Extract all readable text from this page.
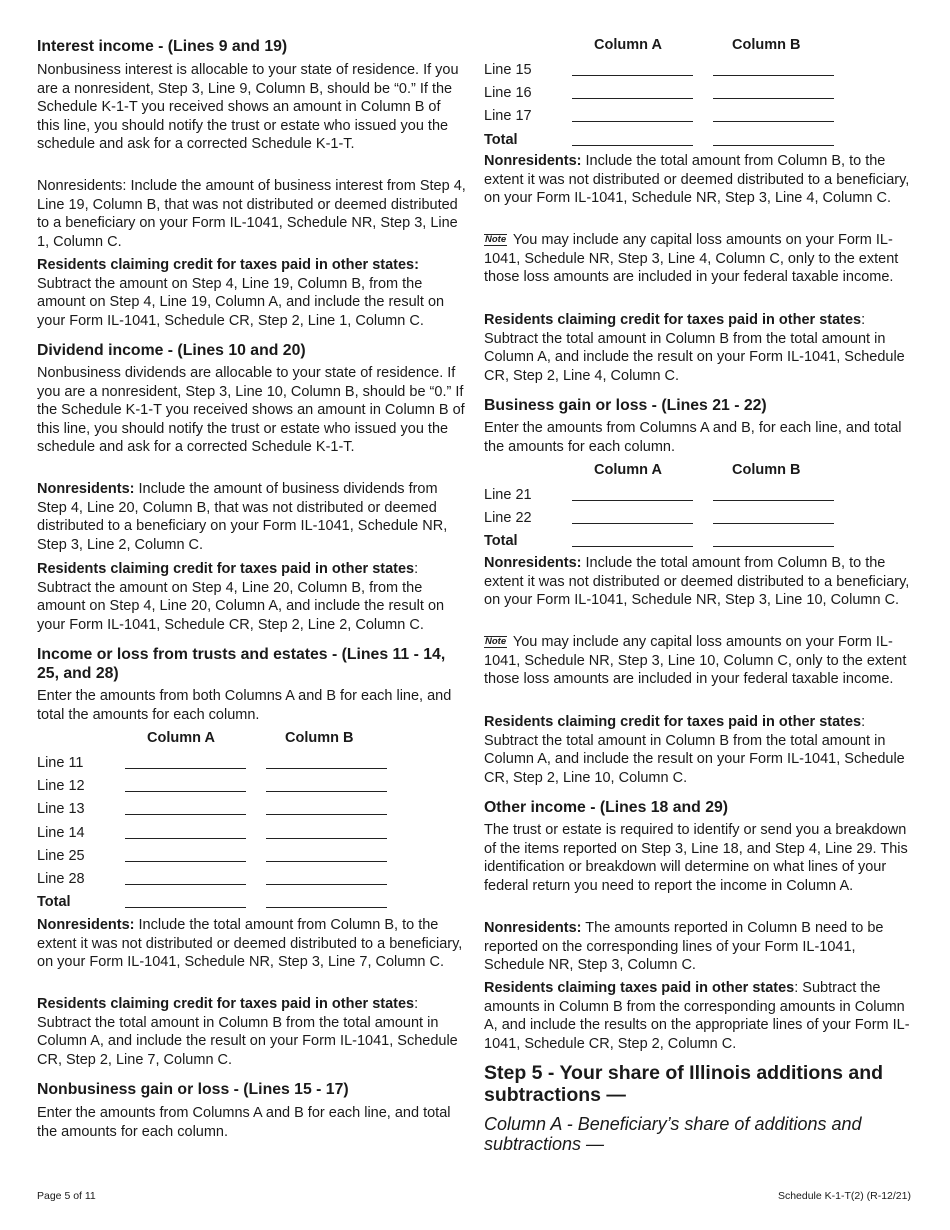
Interest income - (Lines 9 and 19)
Nonbusiness interest is allocable to your state of residence. If you are a nonresident, Step 3, Line 9, Column B, should be “0.” If the Schedule K-1-T you received shows an amount in Column B of this line, you should notify the trust or estate who issued you the schedule and ask for a corrected Schedule K-1-T.
Nonresidents: Include the amount of business interest from Step 4, Line 19, Column B, that was not distributed or deemed distributed to a beneficiary on your Form IL-1041, Schedule NR, Step 3, Line 1, Column C.
Residents claiming credit for taxes paid in other states: Subtract the amount on Step 4, Line 19, Column B, from the amount on Step 4, Line 19, Column A, and include the result on your Form IL-1041, Schedule CR, Step 2, Line 1, Column C.
Dividend income - (Lines 10 and 20)
Nonbusiness dividends are allocable to your state of residence. If you are a nonresident, Step 3, Line 10, Column B, should be “0.” If the Schedule K-1-T you received shows an amount in Column B of this line, you should notify the trust or estate who issued you the schedule and ask for a corrected Schedule K-1-T.
Nonresidents: Include the amount of business dividends from Step 4, Line 20, Column B, that was not distributed or deemed distributed to a beneficiary on your Form IL-1041, Schedule NR, Step 3, Line 2, Column C.
Residents claiming credit for taxes paid in other states: Subtract the amount on Step 4, Line 20, Column B, from the amount on Step 4, Line 20, Column A, and include the result on your Form IL-1041, Schedule CR, Step 2, Line 2, Column C.
Income or loss from trusts and estates - (Lines 11 - 14, 25, and 28)
Enter the amounts from both Columns A and B for each line, and total the amounts for each column.
Column A	Column B
Line 11
Line 12
Line 13
Line 14
Line 25
Line 28
Total
Nonresidents: Include the total amount from Column B, to the extent it was not distributed or deemed distributed to a beneficiary, on your Form IL-1041, Schedule NR, Step 3, Line 7, Column C.
Residents claiming credit for taxes paid in other states: Subtract the total amount in Column B from the total amount in Column A, and include the result on your Form IL-1041, Schedule CR, Step 2, Line 7, Column C.
Nonbusiness gain or loss - (Lines 15 - 17)
Enter the amounts from Columns A and B for each line, and total the amounts for each column.
Column A	Column B
Line 15
Line 16
Line 17
Total
Nonresidents: Include the total amount from Column B, to the extent it was not distributed or deemed distributed to a beneficiary, on your Form IL-1041, Schedule NR, Step 3, Line 4, Column C.
Note You may include any capital loss amounts on your Form IL-1041, Schedule NR, Step 3, Line 4, Column C, only to the extent those loss amounts are included in your federal taxable income.
Residents claiming credit for taxes paid in other states: Subtract the total amount in Column B from the total amount in Column A, and include the result on your Form IL-1041, Schedule CR, Step 2, Line 4, Column C.
Business gain or loss - (Lines 21 - 22)
Enter the amounts from Columns A and B, for each line, and total the amounts for each column.
Column A	Column B
Line 21
Line 22
Total
Nonresidents: Include the total amount from Column B, to the extent it was not distributed or deemed distributed to a beneficiary, on your Form IL-1041, Schedule NR, Step 3, Line 10, Column C.
Note You may include any capital loss amounts on your Form IL-1041, Schedule NR, Step 3, Line 10, Column C, only to the extent those loss amounts are included in your federal taxable income.
Residents claiming credit for taxes paid in other states: Subtract the total amount in Column B from the total amount in Column A, and include the result on your Form IL-1041, Schedule CR, Step 2, Line 10, Column C.
Other income - (Lines 18 and 29)
The trust or estate is required to identify or send you a breakdown of the items reported on Step 3, Line 18, and Step 4, Line 29. This identification or breakdown will determine on what lines of your federal return you need to report the income in Column A.
Nonresidents: The amounts reported in Column B need to be reported on the corresponding lines of your Form IL-1041, Schedule NR, Step 3, Column C.
Residents claiming taxes paid in other states: Subtract the amounts in Column B from the corresponding amounts in Column A, and include the results on the appropriate lines of your Form IL-1041, Schedule CR, Step 2, Column C.
Step 5 - Your share of Illinois additions and subtractions —
Column A - Beneficiary’s share of additions and subtractions —
Page 5 of 11	Schedule K-1-T(2) (R-12/21)
